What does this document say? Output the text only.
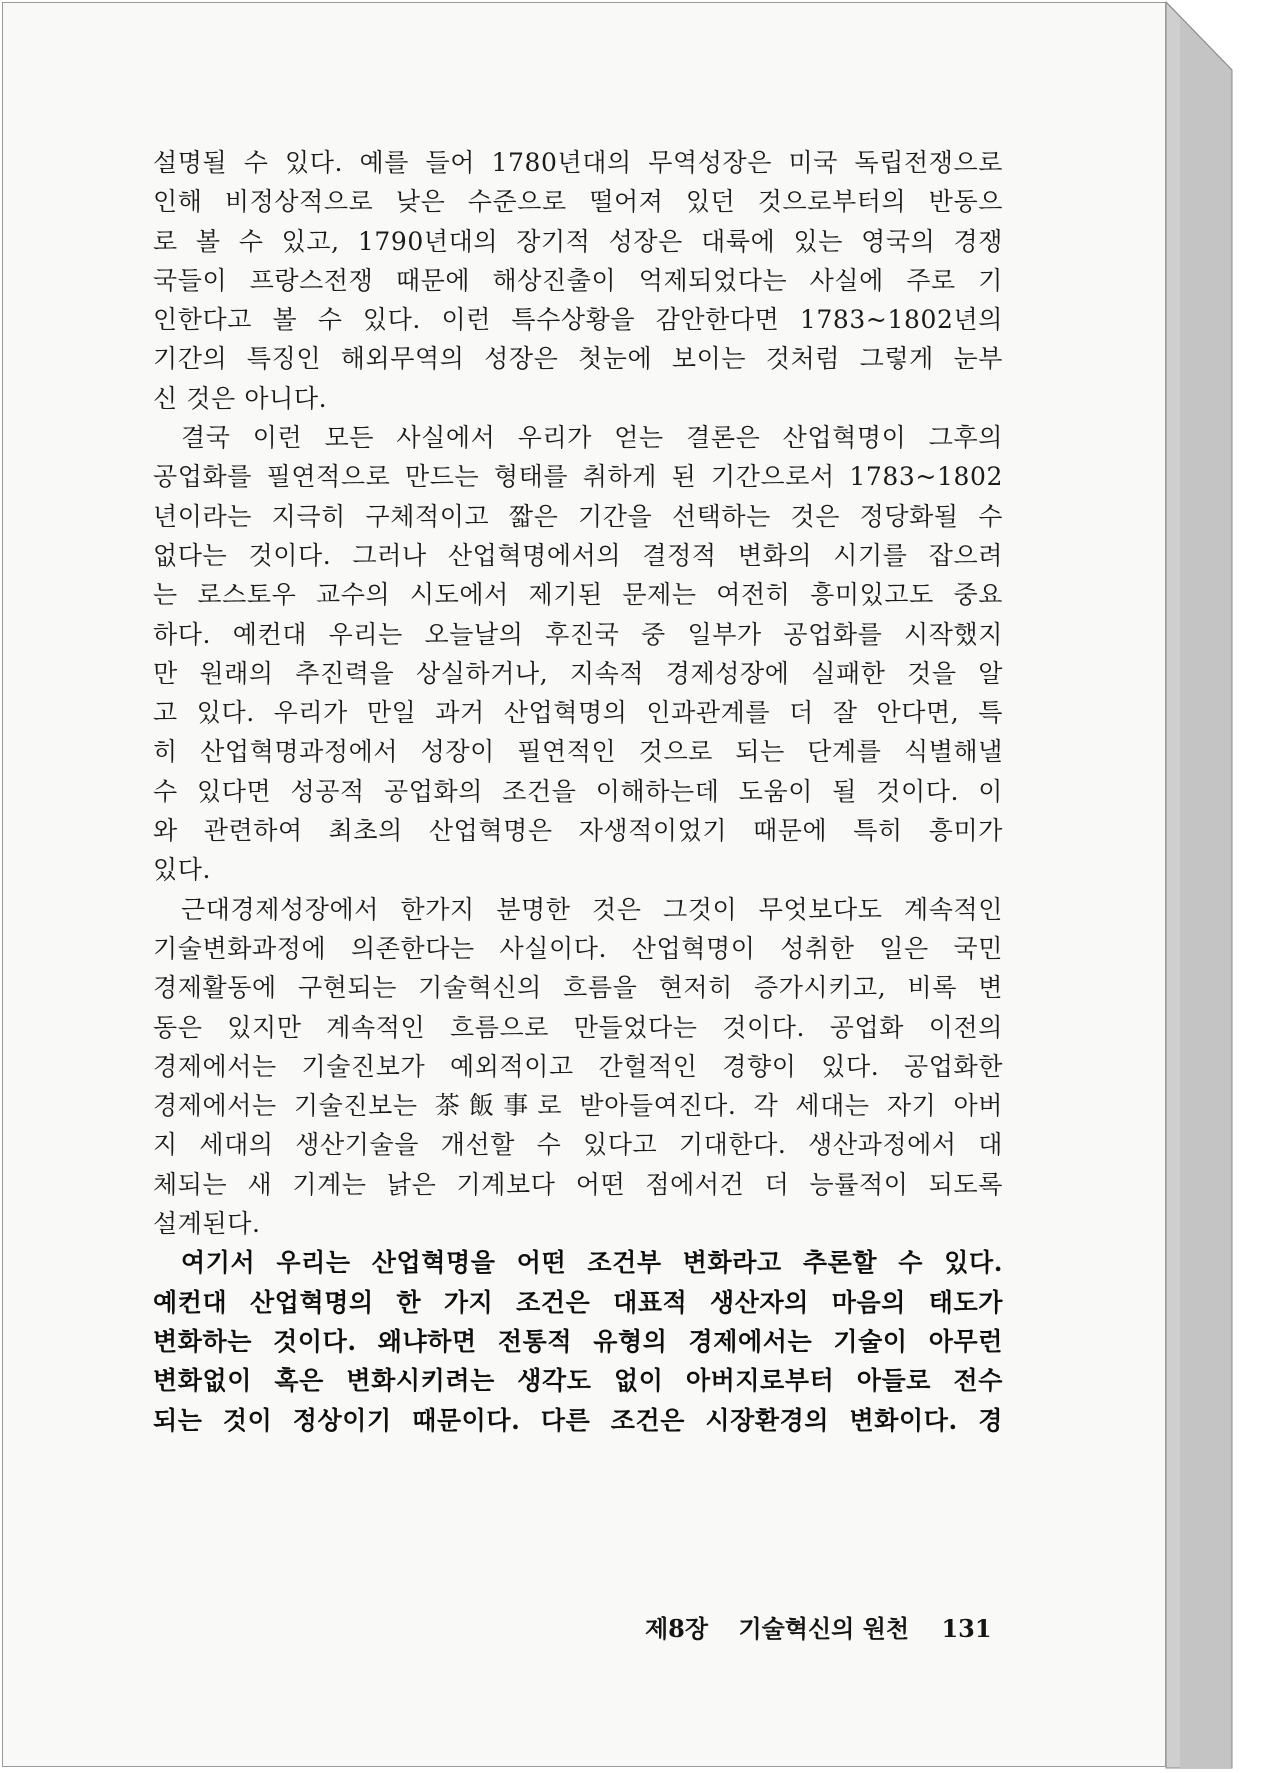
설명될 수 있다. 예를 들어 1780년대의 무역성장은 미국 독립전쟁으로
인해 비정상적으로 낮은 수준으로 떨어져 있던 것으로부터의 반동으
로 볼 수 있고, 1790년대의 장기적 성장은 대륙에 있는 영국의 경쟁
국들이 프랑스전쟁 때문에 해상진출이 억제되었다는 사실에 주로 기
인한다고 볼 수 있다. 이런 특수상황을 감안한다면 1783~1802년의
기간의 특징인 해외무역의 성장은 첫눈에 보이는 것처럼 그렇게 눈부
신 것은 아니다.
결국 이런 모든 사실에서 우리가 얻는 결론은 산업혁명이 그후의
공업화를 필연적으로 만드는 형태를 취하게 된 기간으로서 1783~1802
년이라는 지극히 구체적이고 짧은 기간을 선택하는 것은 정당화될 수
없다는 것이다. 그러나 산업혁명에서의 결정적 변화의 시기를 잡으려
는 로스토우 교수의 시도에서 제기된 문제는 여전히 흥미있고도 중요
하다. 예컨대 우리는 오늘날의 후진국 중 일부가 공업화를 시작했지
만 원래의 추진력을 상실하거나, 지속적 경제성장에 실패한 것을 알
고 있다. 우리가 만일 과거 산업혁명의 인과관계를 더 잘 안다면, 특
히 산업혁명과정에서 성장이 필연적인 것으로 되는 단계를 식별해낼
수 있다면 성공적 공업화의 조건을 이해하는데 도움이 될 것이다. 이
와 관련하여 최초의 산업혁명은 자생적이었기 때문에 특히 흥미가
있다.
근대경제성장에서 한가지 분명한 것은 그것이 무엇보다도 계속적인
기술변화과정에 의존한다는 사실이다. 산업혁명이 성취한 일은 국민
경제활동에 구현되는 기술혁신의 흐름을 현저히 증가시키고, 비록 변
동은 있지만 계속적인 흐름으로 만들었다는 것이다. 공업화 이전의
경제에서는 기술진보가 예외적이고 간헐적인 경향이 있다. 공업화한
경제에서는 기술진보는 茶飯事로 받아들여진다. 각 세대는 자기 아버
지 세대의 생산기술을 개선할 수 있다고 기대한다. 생산과정에서 대
체되는 새 기계는 낡은 기계보다 어떤 점에서건 더 능률적이 되도록
설계된다.
여기서 우리는 산업혁명을 어떤 조건부 변화라고 추론할 수 있다.
예컨대 산업혁명의 한 가지 조건은 대표적 생산자의 마음의 태도가
변화하는 것이다. 왜냐하면 전통적 유형의 경제에서는 기술이 아무런
변화없이 혹은 변화시키려는 생각도 없이 아버지로부터 아들로 전수
되는 것이 정상이기 때문이다. 다른 조건은 시장환경의 변화이다. 경
제8장 기술혁신의 원천 131
